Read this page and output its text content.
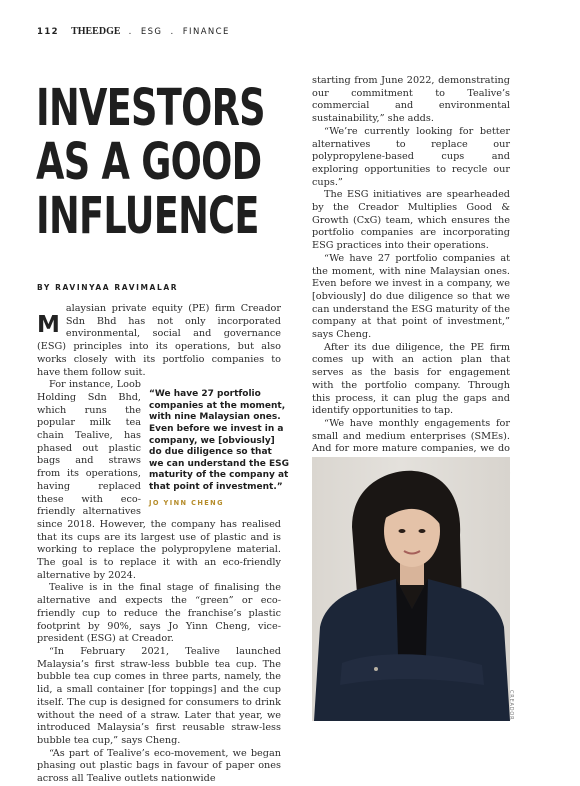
112 THEEDGE . ESG . FINANCE
INVESTORS
AS A GOOD
INFLUENCE
BY RAVINYAA RAVIMALAR

M
alaysian private equity (PE) firm Creador Sdn Bhd has not only incorporated environmental, social and governance (ESG) principles into its operations, but also works closely with its portfolio companies to have them follow suit.

“We have 27 portfolio companies at the moment, with nine Malaysian ones. Even before we invest in a company, we [obviously] do due diligence so that we can understand the ESG maturity of the company at that point of investment.”
JO YINN CHENG
For instance, Loob Holding Sdn Bhd, which runs the popular milk tea chain Tealive, has phased out plastic bags and straws from its operations, having replaced these with eco-friendly alternatives since 2018. However, the company has realised that its cups are its largest use of plastic and is working to replace the polypropylene material. The goal is to replace it with an eco-friendly alternative by 2024.

Tealive is in the final stage of finalising the alternative and expects the “green” or eco-friendly cup to reduce the franchise’s plastic footprint by 90%, says Jo Yinn Cheng, vice-president (ESG) at Creador.

“In February 2021, Tealive launched Malaysia’s first straw-less bubble tea cup. The bubble tea cup comes in three parts, namely, the lid, a small container [for toppings] and the cup itself. The cup is designed for consumers to drink without the need of a straw. Later that year, we introduced Malaysia’s first reusable straw-less bubble tea cup,” says Cheng.

“As part of Tealive’s eco-movement, we began phasing out plastic bags in favour of paper ones across all Tealive outlets nationwide

starting from June 2022, demonstrating our commitment to Tealive’s commercial and environmental sustainability,” she adds.

“We’re currently looking for better alternatives to replace our polypropylene-based cups and exploring opportunities to recycle our cups.”

The ESG initiatives are spearheaded by the Creador Multiplies Good & Growth (CxG) team, which ensures the portfolio companies are incorporating ESG practices into their operations.

“We have 27 portfolio companies at the moment, with nine Malaysian ones. Even before we invest in a company, we [obviously] do due diligence so that we can understand the ESG maturity of the company at that point of investment,” says Cheng.

After its due diligence, the PE firm comes up with an action plan that serves as the basis for engagement with the portfolio company. Through this process, it can plug the gaps and identify opportunities to tap.

“We have monthly engagements for small and medium enterprises (SMEs). And for more mature companies, we do

CREADOR
